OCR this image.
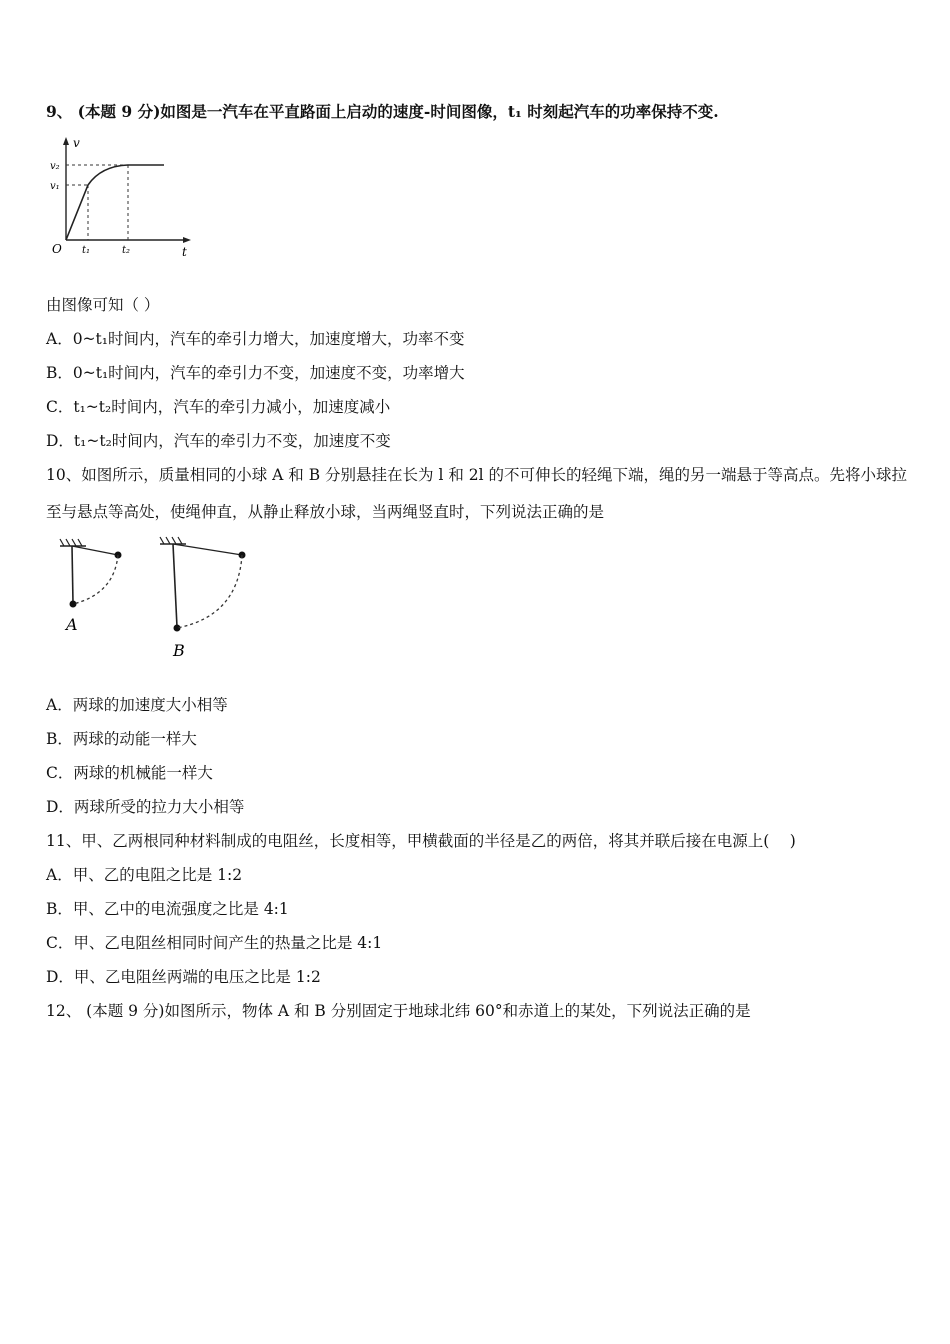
9、 (本题 9 分)如图是一汽车在平直路面上启动的速度-时间图像，t₁ 时刻起汽车的功率保持不变.
v
t
O
v₂
v₁
t₁	t₂
由图像可知（ ）
A．0~t₁时间内，汽车的牵引力增大，加速度增大，功率不变
B．0~t₁时间内，汽车的牵引力不变，加速度不变，功率增大
C．t₁~t₂时间内，汽车的牵引力减小，加速度减小
D．t₁~t₂时间内，汽车的牵引力不变，加速度不变
10、如图所示，质量相同的小球 A 和 B 分别悬挂在长为 l 和 2l 的不可伸长的轻绳下端，绳的另一端悬于等高点。先将小球拉至与悬点等高处，使绳伸直，从静止释放小球，当两绳竖直时，下列说法正确的是
A
B
A．两球的加速度大小相等
B．两球的动能一样大
C．两球的机械能一样大
D．两球所受的拉力大小相等
11、甲、乙两根同种材料制成的电阻丝，长度相等，甲横截面的半径是乙的两倍，将其并联后接在电源上(　 )
A．甲、乙的电阻之比是 1:2
B．甲、乙中的电流强度之比是 4:1
C．甲、乙电阻丝相同时间产生的热量之比是 4:1
D．甲、乙电阻丝两端的电压之比是 1:2
12、 (本题 9 分)如图所示，物体 A 和 B 分别固定于地球北纬 60°和赤道上的某处，下列说法正确的是
